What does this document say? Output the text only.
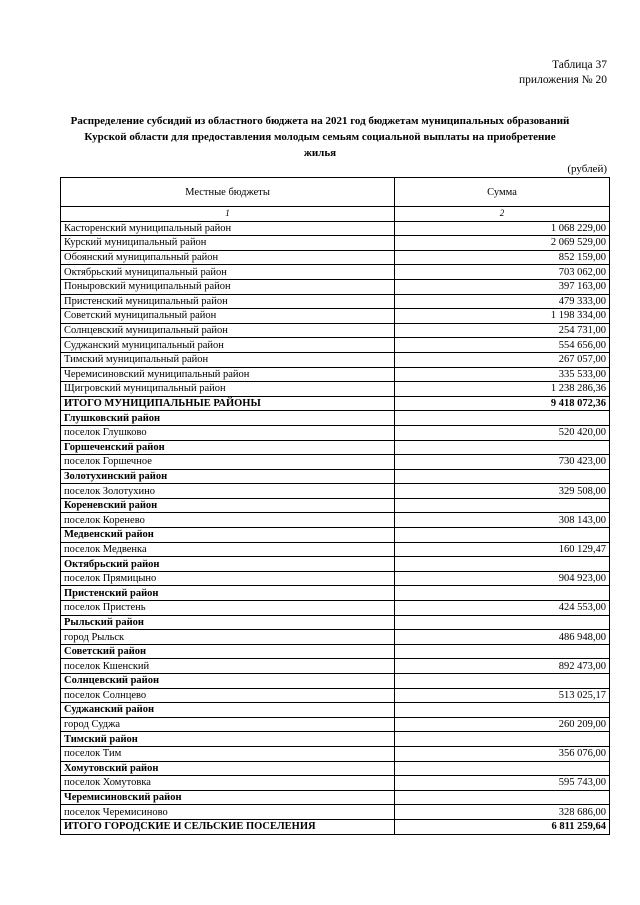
Таблица 37
приложения № 20
Распределение субсидий из областного бюджета на 2021 год бюджетам муниципальных образований Курской области для предоставления молодым семьям социальной выплаты на приобретение жилья
(рублей)
Местные бюджеты	Сумма
1	2
Касторенский муниципальный район	1 068 229,00
Курский муниципальный район	2 069 529,00
Обоянский муниципальный район	852 159,00
Октябрьский муниципальный район	703 062,00
Поныровский муниципальный район	397 163,00
Пристенский муниципальный район	479 333,00
Советский муниципальный район	1 198 334,00
Солнцевский муниципальный район	254 731,00
Суджанский муниципальный район	554 656,00
Тимский муниципальный район	267 057,00
Черемисиновский муниципальный район	335 533,00
Щигровский муниципальный район	1 238 286,36
ИТОГО МУНИЦИПАЛЬНЫЕ РАЙОНЫ	9 418 072,36
Глушковский район	
поселок Глушково	520 420,00
Горшеченский район	
поселок Горшечное	730 423,00
Золотухинский район	
поселок Золотухино	329 508,00
Кореневский район	
поселок Коренево	308 143,00
Медвенский район	
поселок Медвенка	160 129,47
Октябрьский район	
поселок Прямицыно	904 923,00
Пристенский район	
поселок Пристень	424 553,00
Рыльский район	
город Рыльск	486 948,00
Советский район	
поселок Кшенский	892 473,00
Солнцевский район	
поселок Солнцево	513 025,17
Суджанский район	
город Суджа	260 209,00
Тимский район	
поселок Тим	356 076,00
Хомутовский район	
поселок Хомутовка	595 743,00
Черемисиновский район	
поселок Черемисиново	328 686,00
ИТОГО ГОРОДСКИЕ И СЕЛЬСКИЕ ПОСЕЛЕНИЯ	6 811 259,64
